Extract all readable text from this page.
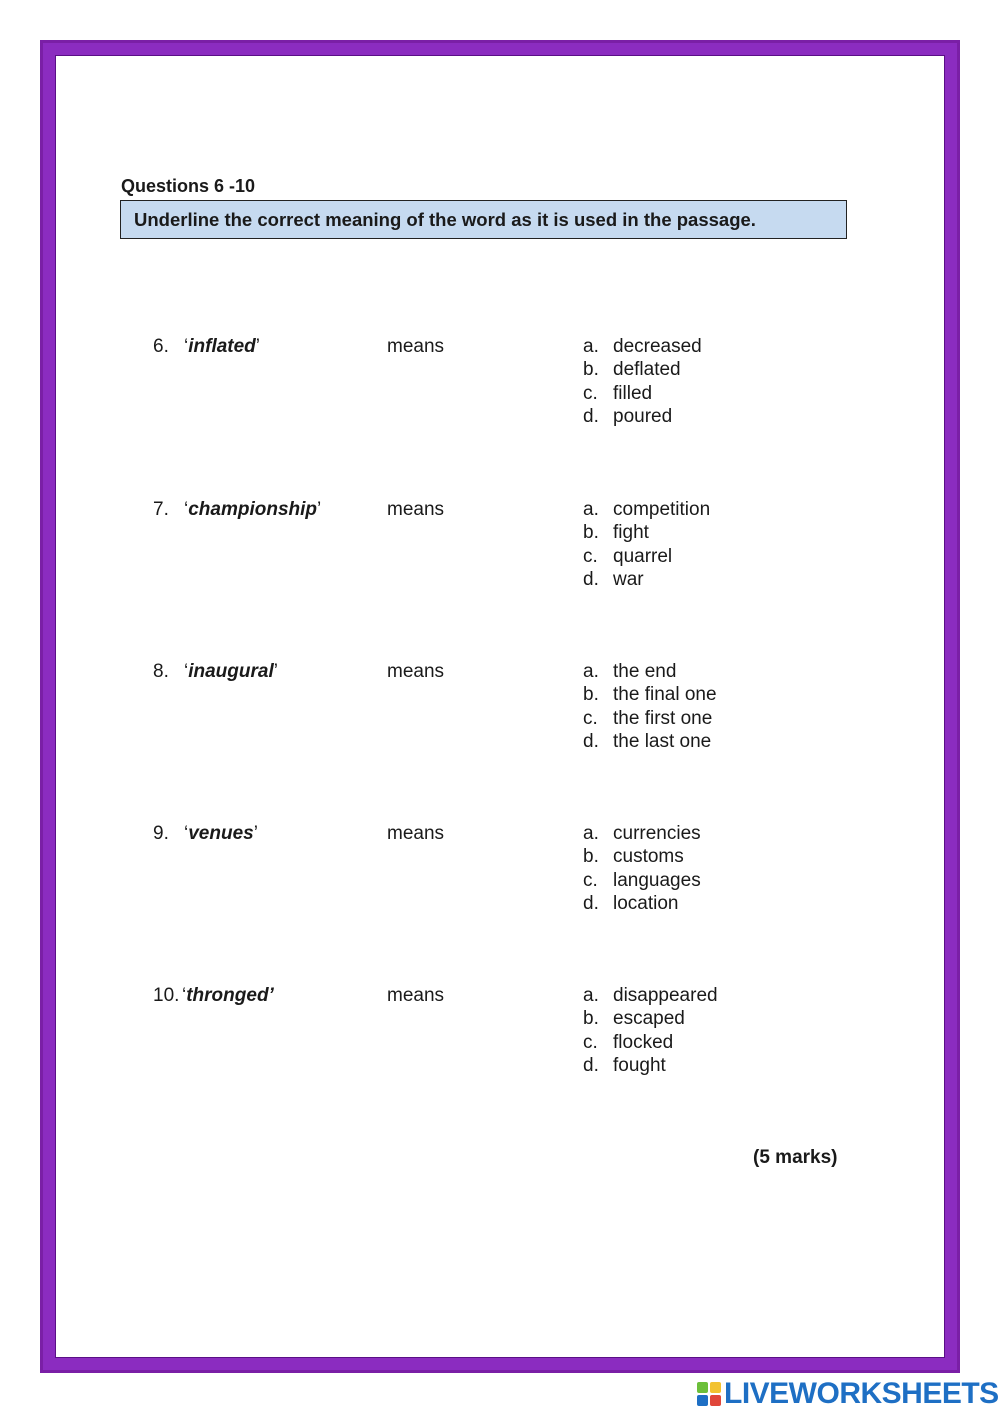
Questions 6 -10
Underline the correct meaning of the word as it is used in the passage.
6. ‘inflated’	means	a. decreased
b. deflated
c. filled
d. poured
7. ‘championship’	means	a. competition
b. fight
c. quarrel
d. war
8. ‘inaugural’	means	a. the end
b. the final one
c. the first one
d. the last one
9. ‘venues’	means	a. currencies
b. customs
c. languages
d. location
10. ‘thronged’	means	a. disappeared
b. escaped
c. flocked
d. fought
(5 marks)
LIVEWORKSHEETS
